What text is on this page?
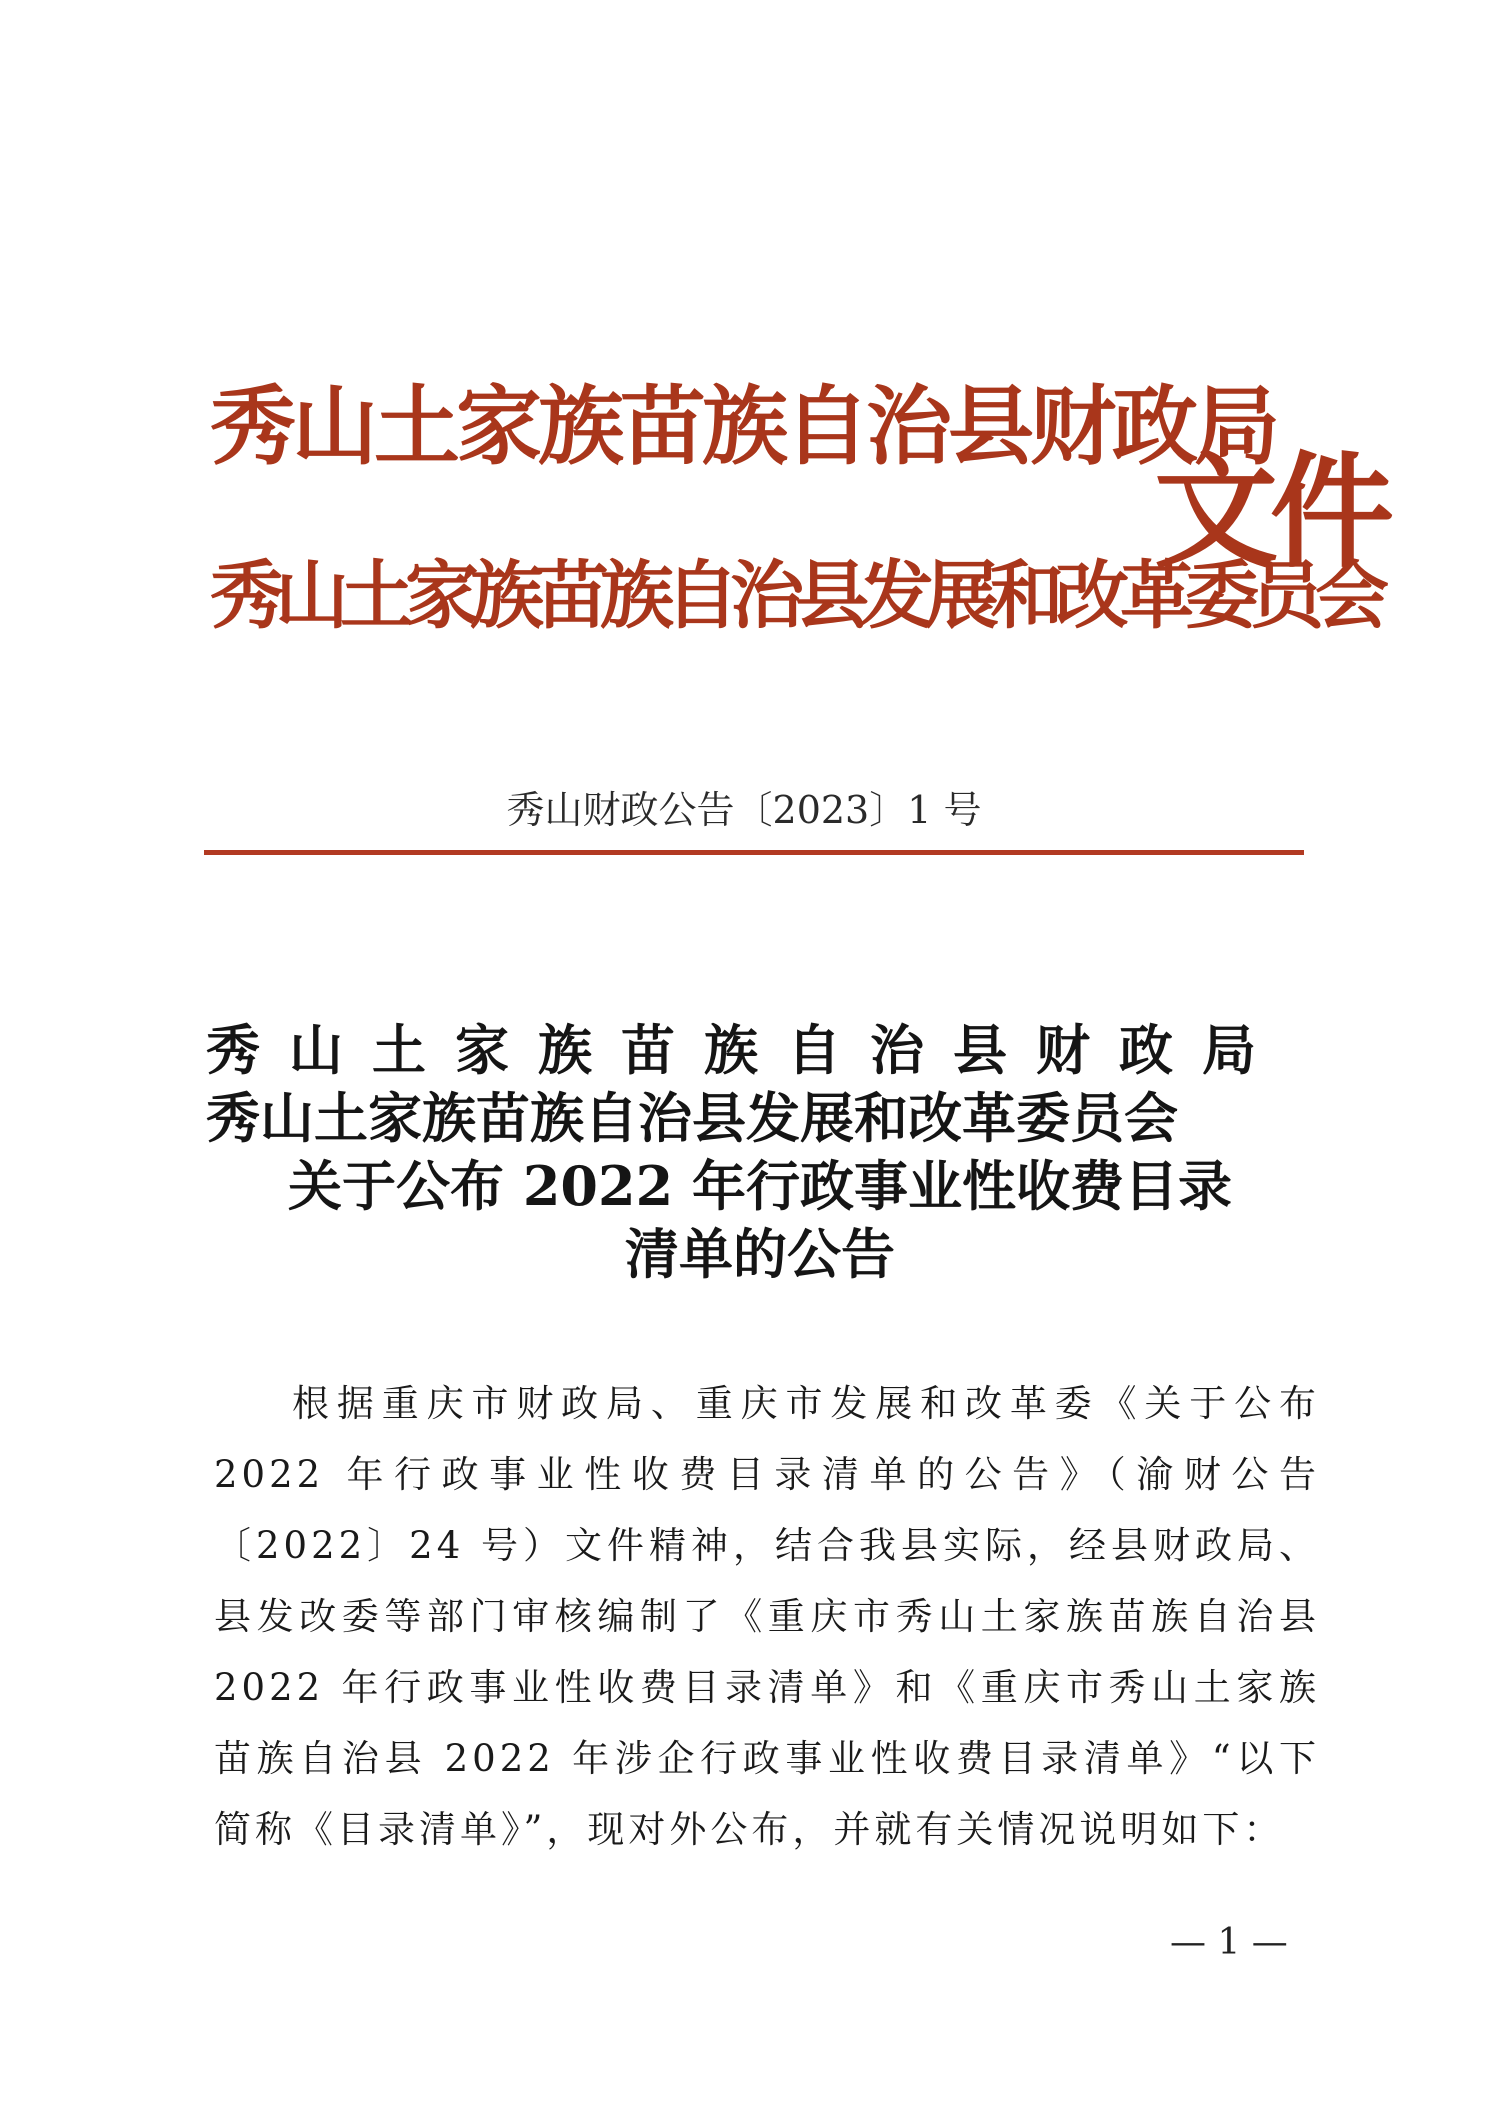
秀山土家族苗族自治县财政局
秀山土家族苗族自治县发展和改革委员会
文件
秀山财政公告〔2023〕1 号

秀山土家族苗族自治县财政局

秀山土家族苗族自治县发展和改革委员会

关于公布 2022 年行政事业性收费目录

清单的公告

根据重庆市财政局、重庆市发展和改革委《关于公布 2022 年行政事业性收费目录清单的公告》（渝财公告〔2022〕24 号）文件精神，结合我县实际，经县财政局、县发改委等部门审核编制了《重庆市秀山土家族苗族自治县 2022 年行政事业性收费目录清单》和《重庆市秀山土家族苗族自治县 2022 年涉企行政事业性收费目录清单》“以下简称《目录清单》”，现对外公布，并就有关情况说明如下：
— 1 —
